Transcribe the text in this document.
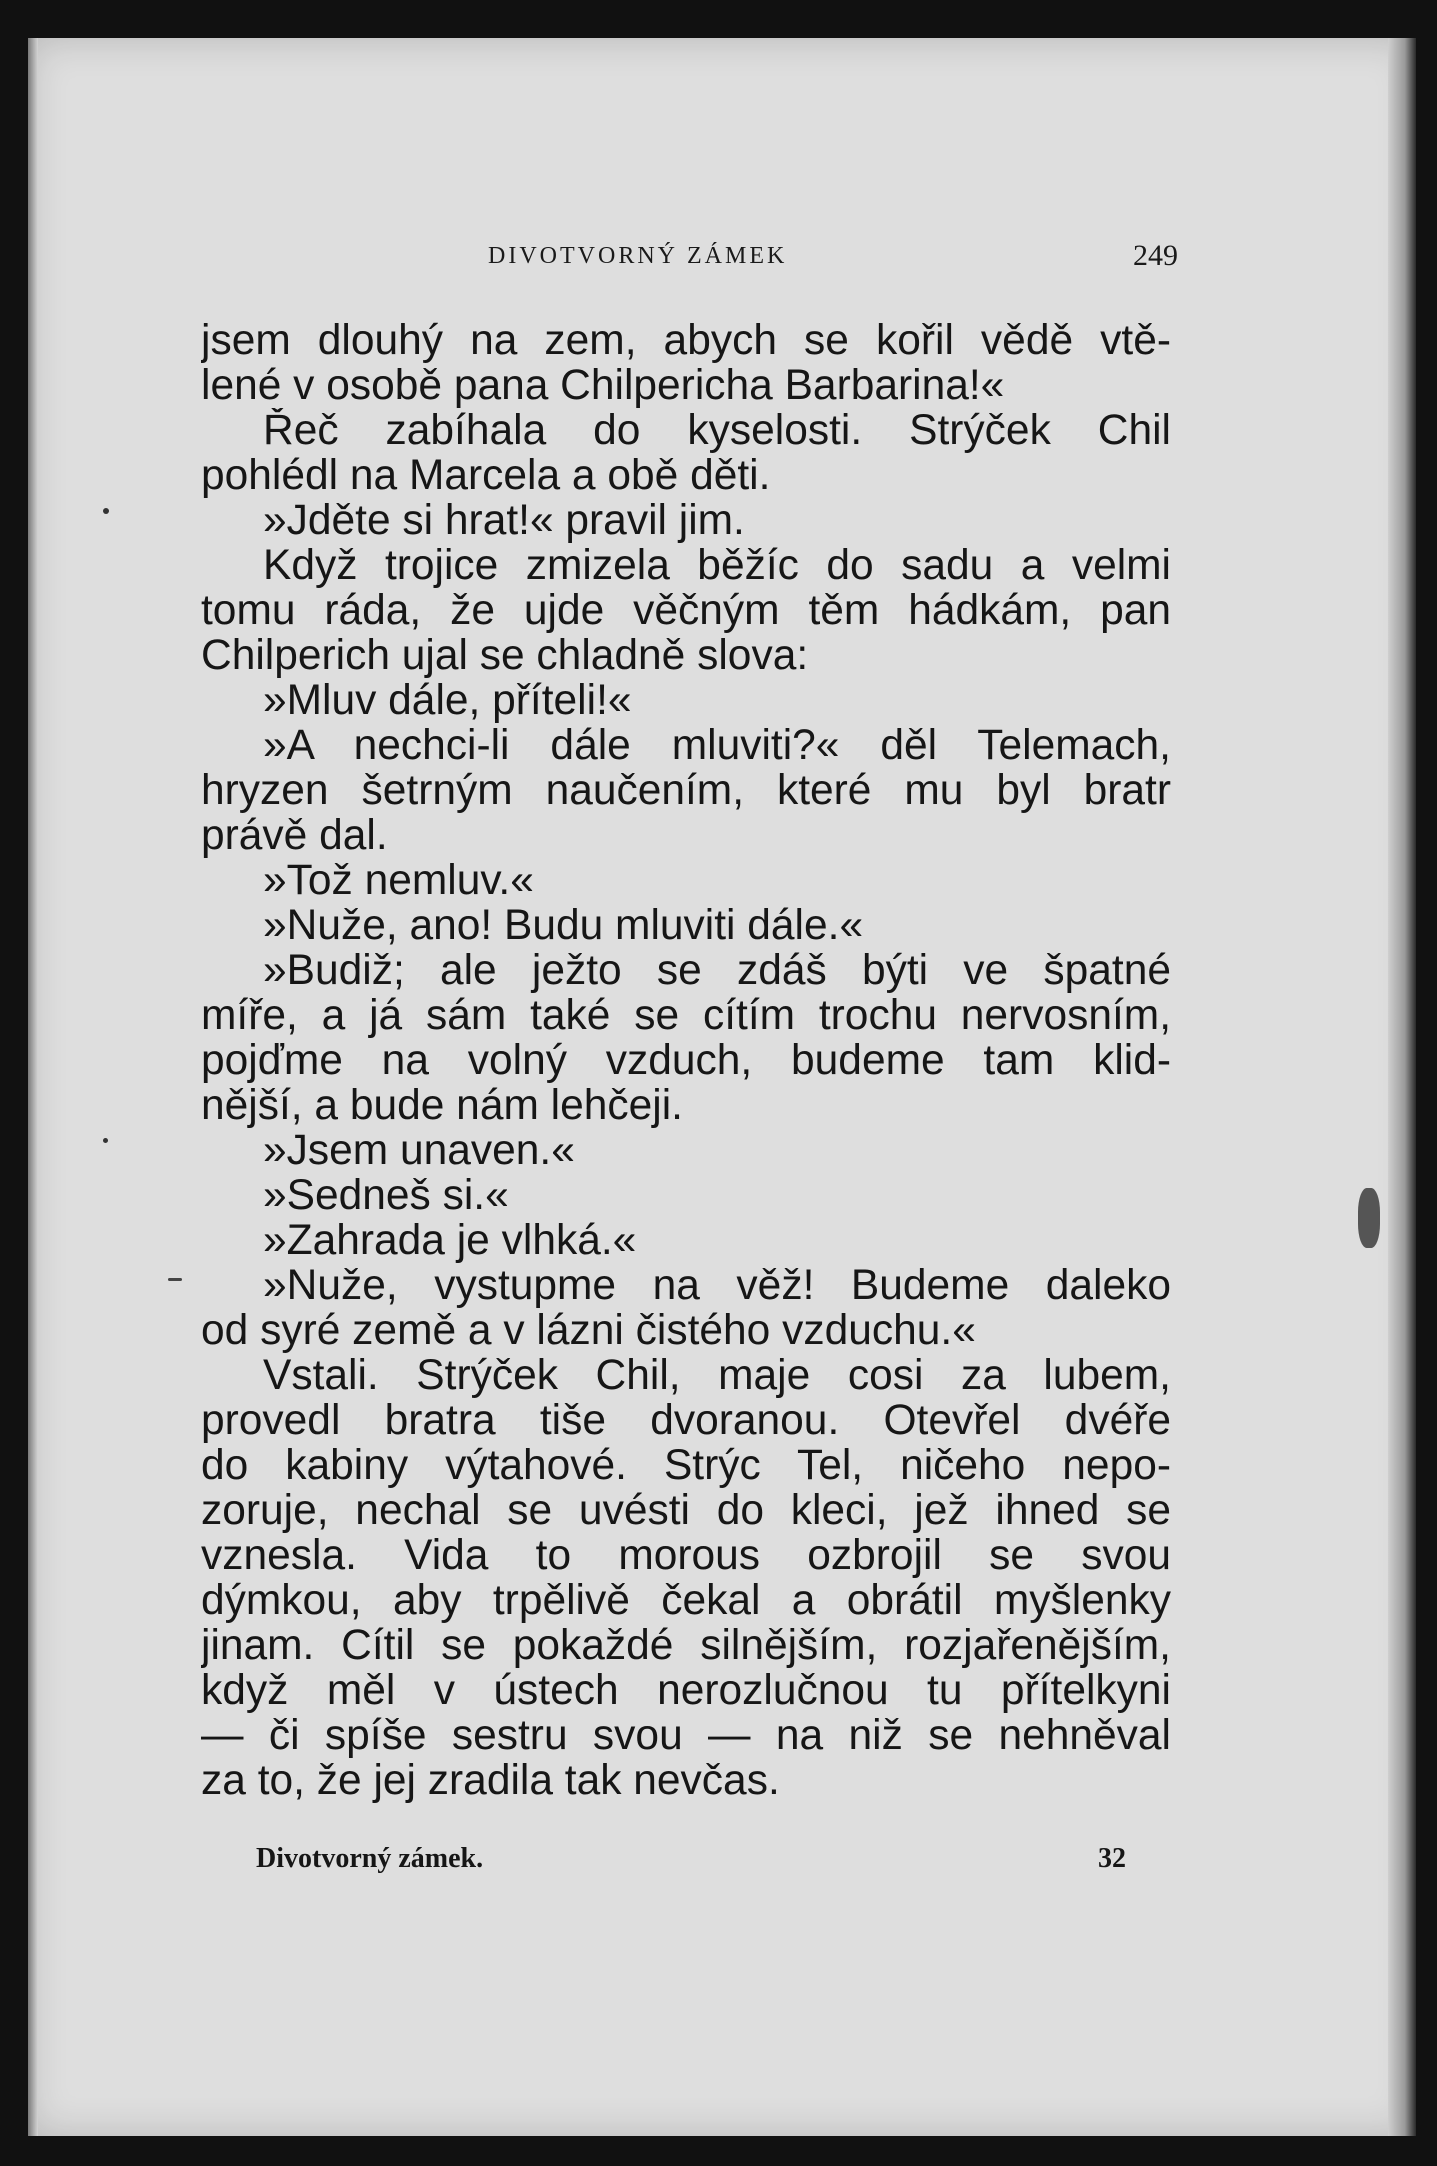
DIVOTVORNÝ ZÁMEK	249
jsem dlouhý na zem, abych se kořil vědě vtě-
lené v osobě pana Chilpericha Barbarina!«
Řeč zabíhala do kyselosti. Strýček Chil
pohlédl na Marcela a obě děti.
»Jděte si hrat!« pravil jim.
Když trojice zmizela běžíc do sadu a velmi
tomu ráda, že ujde věčným těm hádkám, pan
Chilperich ujal se chladně slova:
»Mluv dále, příteli!«
»A nechci-li dále mluviti?« děl Telemach,
hryzen šetrným naučením, které mu byl bratr
právě dal.
»Tož nemluv.«
»Nuže, ano! Budu mluviti dále.«
»Budiž; ale ježto se zdáš býti ve špatné
míře, a já sám také se cítím trochu nervosním,
pojďme na volný vzduch, budeme tam klid-
nější, a bude nám lehčeji.
»Jsem unaven.«
»Sedneš si.«
»Zahrada je vlhká.«
»Nuže, vystupme na věž! Budeme daleko
od syré země a v lázni čistého vzduchu.«
Vstali. Strýček Chil, maje cosi za lubem,
provedl bratra tiše dvoranou. Otevřel dvéře
do kabiny výtahové. Strýc Tel, ničeho nepo-
zoruje, nechal se uvésti do kleci, jež ihned se
vznesla. Vida to morous ozbrojil se svou
dýmkou, aby trpělivě čekal a obrátil myšlenky
jinam. Cítil se pokaždé silnějším, rozjařenějším,
když měl v ústech nerozlučnou tu přítelkyni
— či spíše sestru svou — na niž se nehněval
za to, že jej zradila tak nevčas.
Divotvorný zámek.	32
